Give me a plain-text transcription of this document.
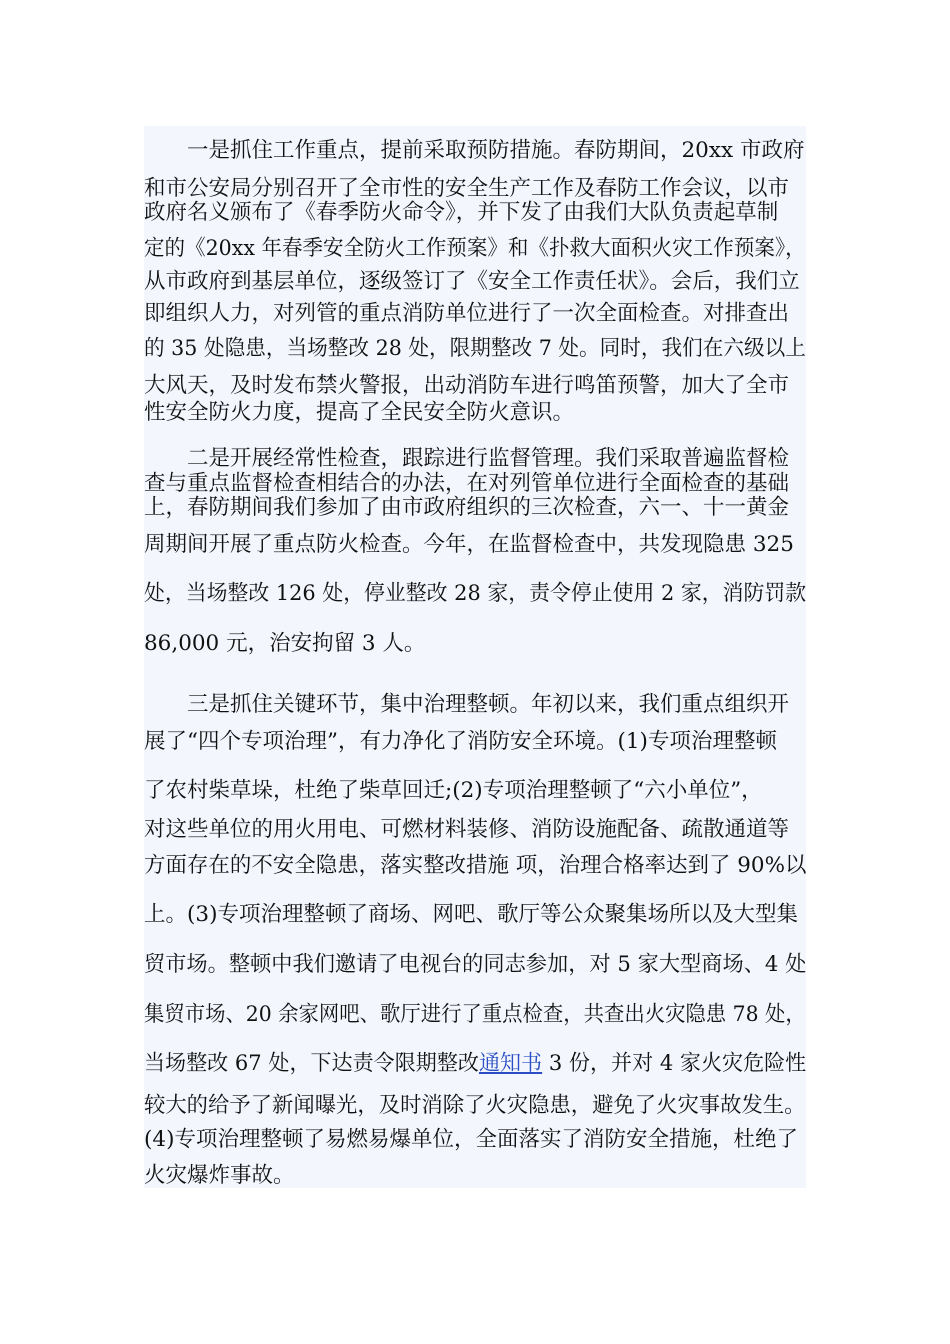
　　一是抓住工作重点，提前采取预防措施。春防期间，20xx 市政府
和市公安局分别召开了全市性的安全生产工作及春防工作会议，以市
政府名义颁布了《春季防火命令》，并下发了由我们大队负责起草制
定的《20xx 年春季安全防火工作预案》和《扑救大面积火灾工作预案》，
从市政府到基层单位，逐级签订了《安全工作责任状》。会后，我们立
即组织人力，对列管的重点消防单位进行了一次全面检查。对排查出
的 35 处隐患，当场整改 28 处，限期整改 7 处。同时，我们在六级以上
大风天，及时发布禁火警报，出动消防车进行鸣笛预警，加大了全市
性安全防火力度，提高了全民安全防火意识。
　　二是开展经常性检查，跟踪进行监督管理。我们采取普遍监督检
查与重点监督检查相结合的办法，在对列管单位进行全面检查的基础
上，春防期间我们参加了由市政府组织的三次检查，六一、十一黄金
周期间开展了重点防火检查。今年，在监督检查中，共发现隐患 325
处，当场整改 126 处，停业整改 28 家，责令停止使用 2 家，消防罚款
86,000 元，治安拘留 3 人。
　　三是抓住关键环节，集中治理整顿。年初以来，我们重点组织开
展了“四个专项治理”，有力净化了消防安全环境。(1)专项治理整顿
了农村柴草垛，杜绝了柴草回迁;(2)专项治理整顿了“六小单位”，
对这些单位的用火用电、可燃材料装修、消防设施配备、疏散通道等
方面存在的不安全隐患，落实整改措施 项，治理合格率达到了 90%以
上。(3)专项治理整顿了商场、网吧、歌厅等公众聚集场所以及大型集
贸市场。整顿中我们邀请了电视台的同志参加，对 5 家大型商场、4 处
集贸市场、20 余家网吧、歌厅进行了重点检查，共查出火灾隐患 78 处，
当场整改 67 处，下达责令限期整改通知书 3 份，并对 4 家火灾危险性
较大的给予了新闻曝光，及时消除了火灾隐患，避免了火灾事故发生。
(4)专项治理整顿了易燃易爆单位，全面落实了消防安全措施，杜绝了
火灾爆炸事故。
